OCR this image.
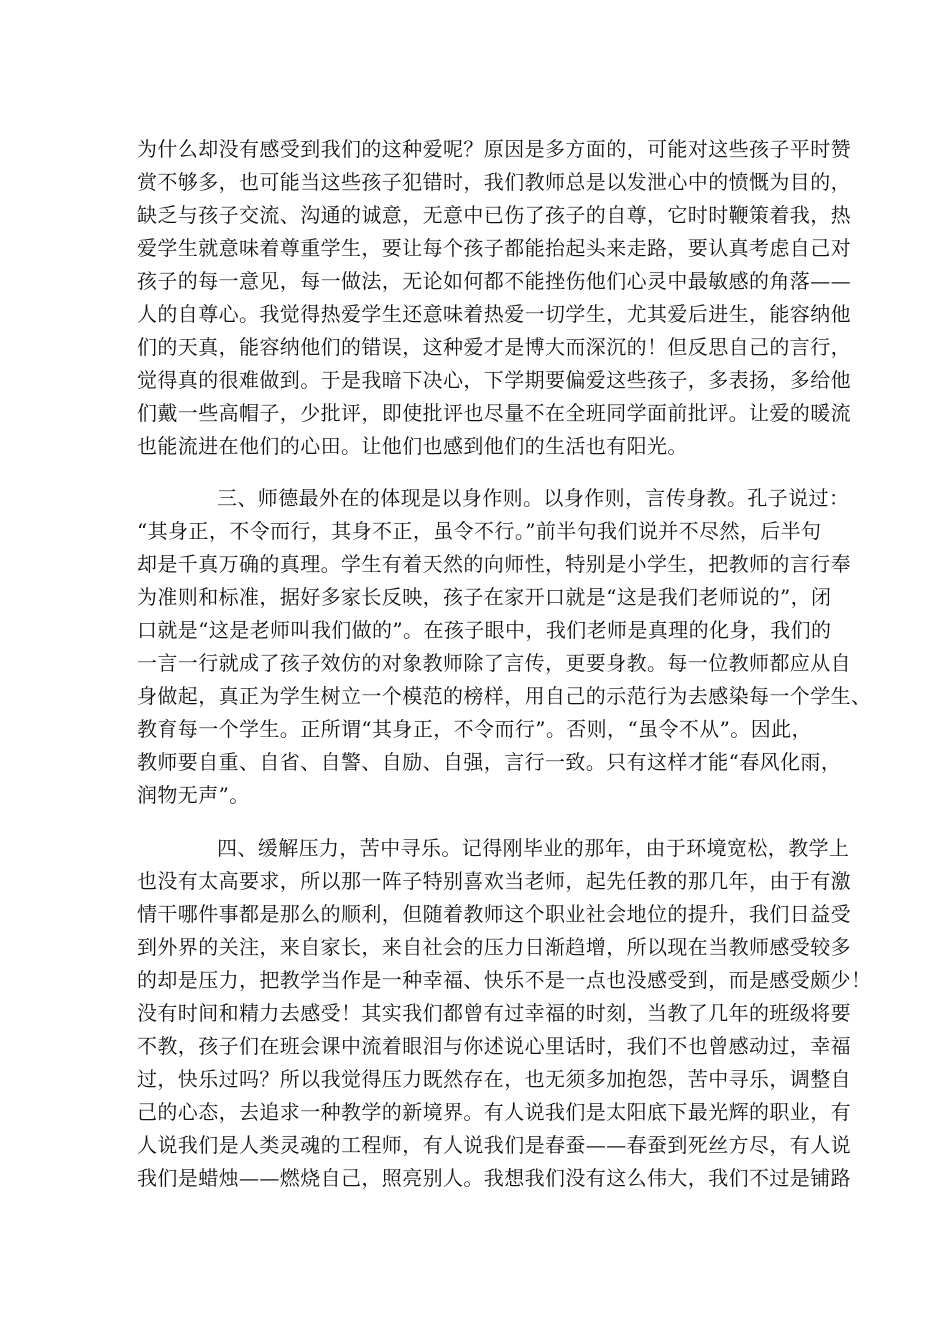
为什么却没有感受到我们的这种爱呢？原因是多方面的，可能对这些孩子平时赞
赏不够多，也可能当这些孩子犯错时，我们教师总是以发泄心中的愤慨为目的，
缺乏与孩子交流、沟通的诚意，无意中已伤了孩子的自尊，它时时鞭策着我，热
爱学生就意味着尊重学生，要让每个孩子都能抬起头来走路，要认真考虑自己对
孩子的每一意见，每一做法，无论如何都不能挫伤他们心灵中最敏感的角落——
人的自尊心。我觉得热爱学生还意味着热爱一切学生，尤其爱后进生，能容纳他
们的天真，能容纳他们的错误，这种爱才是博大而深沉的！但反思自己的言行，
觉得真的很难做到。于是我暗下决心，下学期要偏爱这些孩子，多表扬，多给他
们戴一些高帽子，少批评，即使批评也尽量不在全班同学面前批评。让爱的暖流
也能流进在他们的心田。让他们也感到他们的生活也有阳光。
三、师德最外在的体现是以身作则。以身作则，言传身教。孔子说过：
“其身正，不令而行，其身不正，虽令不行。”前半句我们说并不尽然，后半句
却是千真万确的真理。学生有着天然的向师性，特别是小学生，把教师的言行奉
为准则和标准，据好多家长反映，孩子在家开口就是“这是我们老师说的”，闭
口就是“这是老师叫我们做的”。在孩子眼中，我们老师是真理的化身，我们的
一言一行就成了孩子效仿的对象教师除了言传，更要身教。每一位教师都应从自
身做起，真正为学生树立一个模范的榜样，用自己的示范行为去感染每一个学生、
教育每一个学生。正所谓“其身正，不令而行”。否则，“虽令不从”。因此，
教师要自重、自省、自警、自励、自强，言行一致。只有这样才能“春风化雨，
润物无声”。
四、缓解压力，苦中寻乐。记得刚毕业的那年，由于环境宽松，教学上
也没有太高要求，所以那一阵子特别喜欢当老师，起先任教的那几年，由于有激
情干哪件事都是那么的顺利，但随着教师这个职业社会地位的提升，我们日益受
到外界的关注，来自家长，来自社会的压力日渐趋增，所以现在当教师感受较多
的却是压力，把教学当作是一种幸福、快乐不是一点也没感受到，而是感受颇少！
没有时间和精力去感受！其实我们都曾有过幸福的时刻，当教了几年的班级将要
不教，孩子们在班会课中流着眼泪与你述说心里话时，我们不也曾感动过，幸福
过，快乐过吗？所以我觉得压力既然存在，也无须多加抱怨，苦中寻乐，调整自
己的心态，去追求一种教学的新境界。有人说我们是太阳底下最光辉的职业，有
人说我们是人类灵魂的工程师，有人说我们是春蚕——春蚕到死丝方尽，有人说
我们是蜡烛——燃烧自己，照亮别人。我想我们没有这么伟大，我们不过是铺路
